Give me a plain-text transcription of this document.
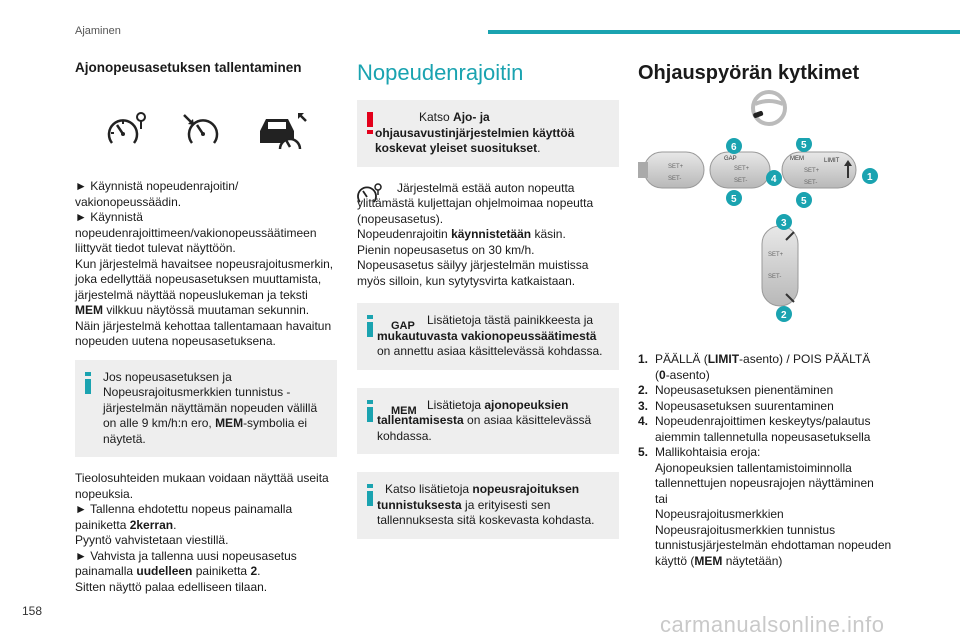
Ajaminen
Ajonopeusasetuksen tallentaminen

► Käynnistä nopeudenrajoitin/ vakionopeussäädin.
► Käynnistä nopeudenrajoittimeen/vakionopeussäätimeen liittyvät tiedot tulevat näyttöön.
Kun järjestelmä havaitsee nopeusrajoitusmerkin, joka edellyttää nopeusasetuksen muuttamista, järjestelmä näyttää nopeuslukeman ja teksti MEM vilkkuu näytössä muutaman sekunnin.
Näin järjestelmä kehottaa tallentamaan havaitun nopeuden uutena nopeusasetuksena.

Jos nopeusasetuksen ja Nopeusrajoitusmerkkien tunnistus -järjestelmän näyttämän nopeuden välillä on alle 9 km/h:n ero, MEM-symbolia ei näytetä.

Tieolosuhteiden mukaan voidaan näyttää useita nopeuksia.
► Tallenna ehdotettu nopeus painamalla painiketta 2kerran.
Pyyntö vahvistetaan viestillä.
► Vahvista ja tallenna uusi nopeusasetus painamalla uudelleen painiketta 2.
Sitten näyttö palaa edelliseen tilaan.

Nopeudenrajoitin
Katso Ajo- ja ohjausavustinjärjestelmien käyttöä koskevat yleiset suositukset.

Järjestelmä estää auton nopeutta ylittämästä kuljettajan ohjelmoimaa nopeutta (nopeusasetus).

Nopeudenrajoitin käynnistetään käsin.

Pienin nopeusasetus on 30 km/h.

Nopeusasetus säilyy järjestelmän muistissa myös silloin, kun sytytysvirta katkaistaan.

GAP	Lisätietoja tästä painikkeesta ja mukautuvasta vakionopeussäätimestä on annettu asiaa käsittelevässä kohdassa.
MEM Lisätietoja ajonopeuksien tallentamisesta on asiaa käsittelevässä kohdassa.
Katso lisätietoja nopeusrajoituksen tunnistuksesta ja erityisesti sen tallennuksesta sitä koskevasta kohdasta.
Ohjauspyörän kytkimet
SET+
SET-
GAP
SET+
SET-
MEM	LIMIT
SET+
SET-
SET+
SET-
1
6
5
5
4
5
3
2
1. PÄÄLLÄ (LIMIT-asento) / POIS PÄÄLTÄ
(0-asento)
2. Nopeusasetuksen pienentäminen
3. Nopeusasetuksen suurentaminen
4. Nopeudenrajoittimen keskeytys/palautus
aiemmin tallennetulla nopeusasetuksella
5. Mallikohtaisia eroja:
Ajonopeuksien tallentamistoiminnolla
tallennettujen nopeusrajojen näyttäminen
tai
Nopeusrajoitusmerkkien
Nopeusrajoitusmerkkien tunnistus
tunnistusjärjestelmän ehdottaman nopeuden
käyttö (MEM näytetään)
158
carmanualsonline.info
